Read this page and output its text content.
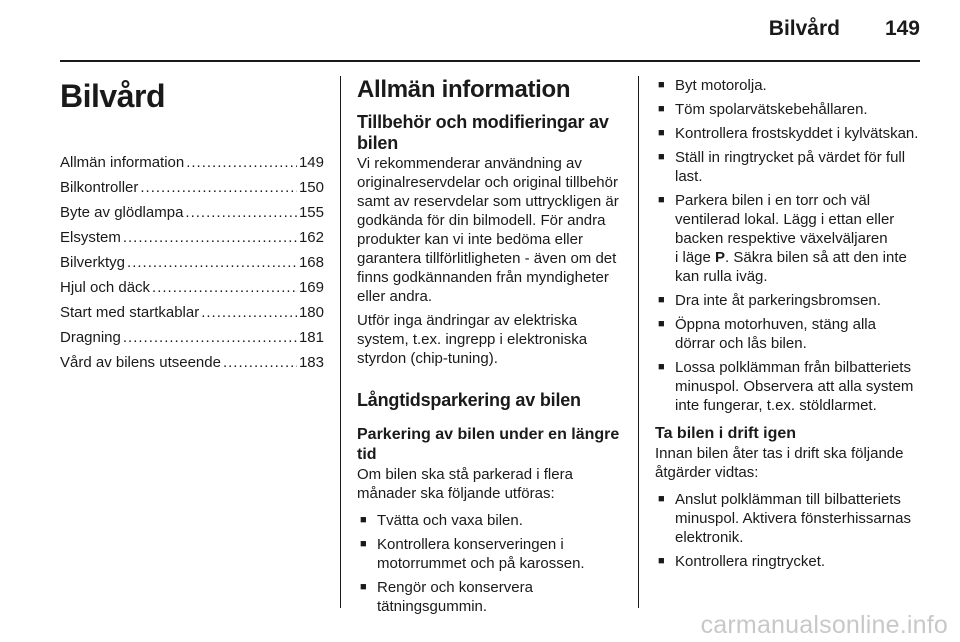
Bilvård 149
Bilvård
Allmän information .....	149
Bilkontroller .....	150
Byte av glödlampa .....	155
Elsystem .....	162
Bilverktyg .....	168
Hjul och däck .....	169
Start med startkablar .....	180
Dragning .....	181
Vård av bilens utseende .....	183
Allmän information
Tillbehör och modifieringar av bilen

Vi rekommenderar användning av originalreservdelar och original tillbehör samt av reservdelar som uttryckligen är godkända för din bilmodell. För andra produkter kan vi inte bedöma eller garantera tillförlitligheten - även om det finns godkännanden från myndigheter eller andra.

Utför inga ändringar av elektriska system, t.ex. ingrepp i elektroniska styrdon (chip-tuning).

Långtidsparkering av bilen
Parkering av bilen under en längre tid

Om bilen ska stå parkerad i flera månader ska följande utföras:

■ Tvätta och vaxa bilen.
■ Kontrollera konserveringen i motorrummet och på karossen.
■ Rengör och konservera tätningsgummin.
■ Byt motorolja.
■ Töm spolarvätskebehållaren.
■ Kontrollera frostskyddet i kylvätskan.
■ Ställ in ringtrycket på värdet för full last.
■ Parkera bilen i en torr och väl ventilerad lokal. Lägg i ettan eller backen respektive växelväljaren
i läge P. Säkra bilen så att den inte kan rulla iväg.
■ Dra inte åt parkeringsbromsen.
■ Öppna motorhuven, stäng alla dörrar och lås bilen.
■ Lossa polklämman från bilbatteriets minuspol. Observera att alla system inte fungerar, t.ex. stöldlarmet.
Ta bilen i drift igen

Innan bilen åter tas i drift ska följande åtgärder vidtas:

■ Anslut polklämman till bilbatteriets minuspol. Aktivera fönsterhissarnas elektronik.
■ Kontrollera ringtrycket.
carmanualsonline.info
